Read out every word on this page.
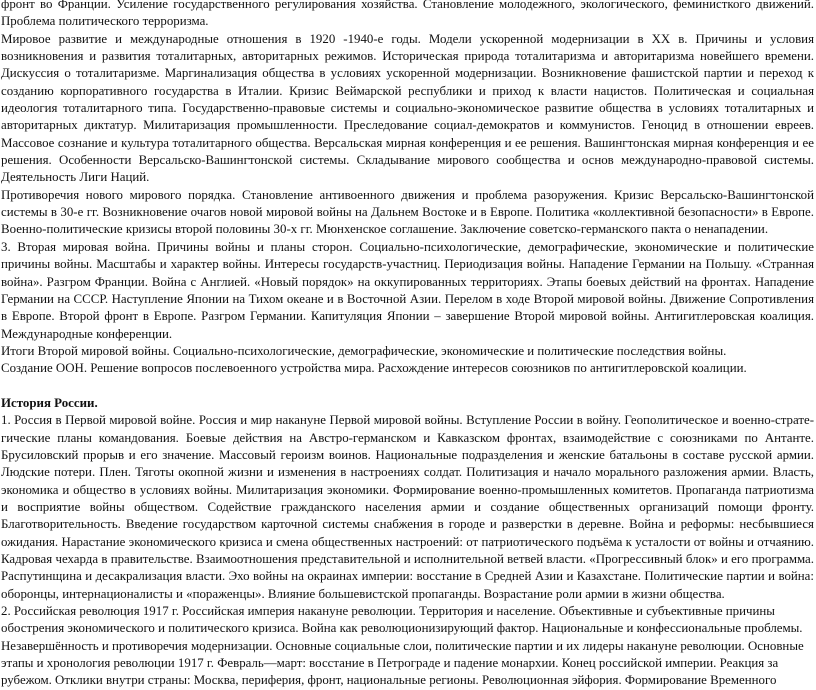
фронт во Франции. Усиление государственного регулирования хозяйства. Становление молодежного, экологического, феминисткого движений. Проблема политического терроризма.

Мировое развитие и международные отношения в 1920 -1940-е годы. Модели ускоренной модернизации в ХХ в. Причины и условия возникновения и развития тоталитарных, авторитарных режимов. Историческая природа тоталитаризма и авторитаризма новейшего времени. Дискуссия о тоталитаризме. Маргинализация общества в условиях ускоренной модернизации. Возникновение фашистской партии и переход к созданию корпоративного государства в Италии. Кризис Веймарской республики и приход к власти нацистов. Политическая и социальная идеология тоталитарного типа. Государственно-правовые системы и социально-экономическое развитие общества в условиях тоталитарных и авторитарных диктатур. Милитаризация промышленности. Преследование социал-демократов и коммунистов. Геноцид в отношении евреев. Массовое сознание и культура тоталитарного общества. Версальская мирная конференция и ее решения. Вашингтонская мирная конференция и ее решения. Особенности Версальско-Вашингтонской системы. Складывание мирового сообщества и основ международно-правовой системы. Деятельность Лиги Наций.

Противоречия нового мирового порядка. Становление антивоенного движения и проблема разоружения. Кризис Версальско-Вашингтонской системы в 30-е гг. Возникновение очагов новой мировой войны на Дальнем Востоке и в Европе. Политика «коллективной безопасности» в Европе. Военно-политические кризисы второй половины 30-х гг. Мюнхенское соглашение. Заключение советско-германского пакта о ненападении.

3. Вторая мировая война. Причины войны и планы сторон. Социально-психологические, демографические, экономические и политические причины войны. Масштабы и характер войны. Интересы государств-участниц. Периодизация войны. Нападение Германии на Польшу. «Странная война». Разгром Франции. Война с Англией. «Новый порядок» на оккупированных территориях. Этапы боевых действий на фронтах. Нападение Германии на СССР. Наступление Японии на Тихом океане и в Восточной Азии. Перелом в ходе Второй мировой войны. Движение Сопротивления в Европе. Второй фронт в Европе. Разгром Германии. Капитуляция Японии – завершение Второй мировой войны. Антигитлеровская коалиция. Международные конференции.

Итоги Второй мировой войны. Социально-психологические, демографические, экономические и политические последствия войны.

Создание ООН. Решение вопросов послевоенного устройства мира. Расхождение интересов союзников по антигитлеровской коалиции.

История России.

1. Россия в Первой мировой войне. Россия и мир накануне Первой мировой войны. Вступление России в войну. Геополитическое и военно-страте-гические планы командования. Боевые действия на Австро-германском и Кавказском фронтах, взаимодействие с союзниками по Антанте. Брусиловский прорыв и его значение. Массовый героизм воинов. Национальные подразделения и женские батальоны в составе русской армии. Людские потери. Плен. Тяготы окопной жизни и изменения в настроениях солдат. Политизация и начало морального разложения армии. Власть, экономика и общество в условиях войны. Милитаризация экономики. Формирование военно-промышленных комитетов. Пропаганда патриотизма и восприятие войны обществом. Содействие гражданского населения армии и создание общественных организаций помощи фронту. Благотворительность. Введение государством карточной системы снабжения в городе и разверстки в деревне. Война и реформы: несбывшиеся ожидания. Нарастание экономического кризиса и смена общественных настроений: от патриотического подъёма к усталости от войны и отчаянию. Кадровая чехарда в правительстве. Взаимоотношения представительной и исполнительной ветвей власти. «Прогрессивный блок» и его программа. Распутинщина и десакрализация власти. Эхо войны на окраинах империи: восстание в Средней Азии и Казахстане. Политические партии и война: оборонцы, интернационалисты и «пораженцы». Влияние большевистской пропаганды. Возрастание роли армии в жизни общества.

2. Российская революция 1917 г. Российская империя накануне революции. Территория и население. Объективные и субъективные причины обострения экономического и политического кризиса. Война как революционизирующий фактор. Национальные и конфессиональные проблемы. Незавершённость и противоречия модернизации. Основные социальные слои, политические партии и их лидеры накануне революции. Основные этапы и хронология революции 1917 г. Февраль—март: восстание в Петрограде и падение монархии. Конец российской империи. Реакция за рубежом. Отклики внутри страны: Москва, периферия, фронт, национальные регионы. Революционная эйфория. Формирование Временного
